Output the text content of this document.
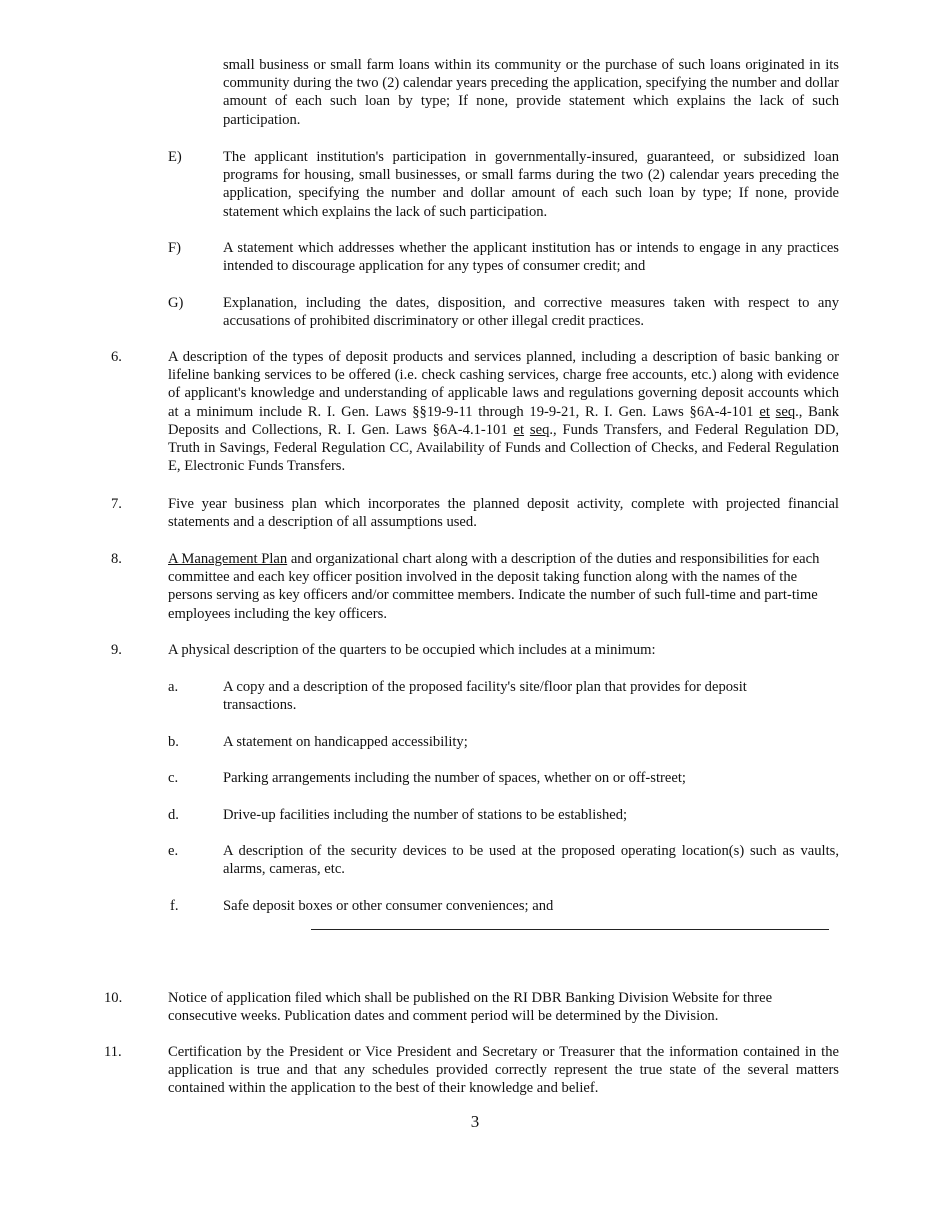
small business or small farm loans within its community or the purchase of such loans originated in its community during the two (2) calendar years preceding the application, specifying the number and dollar amount of each such loan by type; If none, provide statement which explains the lack of such participation.

E)	The applicant institution's participation in governmentally-insured, guaranteed, or subsidized loan programs for housing, small businesses, or small farms during the two (2) calendar years preceding the application, specifying the number and dollar amount of each such loan by type; If none, provide statement which explains the lack of such participation.

F)	A statement which addresses whether the applicant institution has or intends to engage in any practices intended to discourage application for any types of consumer credit; and

G)	Explanation, including the dates, disposition, and corrective measures taken with respect to any accusations of prohibited discriminatory or other illegal credit practices.

6.	A description of the types of deposit products and services planned, including a description of basic banking or lifeline banking services to be offered (i.e. check cashing services, charge free accounts, etc.) along with evidence of applicant's knowledge and understanding of applicable laws and regulations governing deposit accounts which at a minimum include R. I. Gen. Laws §§19-9-11 through 19-9-21, R. I. Gen. Laws §6A-4-101 et seq., Bank Deposits and Collections, R. I. Gen. Laws §6A-4.1-101 et seq., Funds Transfers, and Federal Regulation DD, Truth in Savings, Federal Regulation CC, Availability of Funds and Collection of Checks, and Federal Regulation E, Electronic Funds Transfers.

7.	Five year business plan which incorporates the planned deposit activity, complete with projected financial statements and a description of all assumptions used.

8.	A Management Plan and organizational chart along with a description of the duties and responsibilities for each committee and each key officer position involved in the deposit taking function along with the names of the persons serving as key officers and/or committee members. Indicate the number of such full-time and part-time employees including the key officers.

9.	A physical description of the quarters to be occupied which includes at a minimum:

a.	A copy and a description of the proposed facility's site/floor plan that provides for deposit transactions.

b.	A statement on handicapped accessibility;

c.	Parking arrangements including the number of spaces, whether on or off-street;

d.	Drive-up facilities including the number of stations to be established;

e.	A description of the security devices to be used at the proposed operating location(s) such as vaults, alarms, cameras, etc.

f.	Safe deposit boxes or other consumer conveniences; and

10.	Notice of application filed which shall be published on the RI DBR Banking Division Website for three consecutive weeks. Publication dates and comment period will be determined by the Division.

11.	Certification by the President or Vice President and Secretary or Treasurer that the information contained in the application is true and that any schedules provided correctly represent the true state of the several matters contained within the application to the best of their knowledge and belief.

3
